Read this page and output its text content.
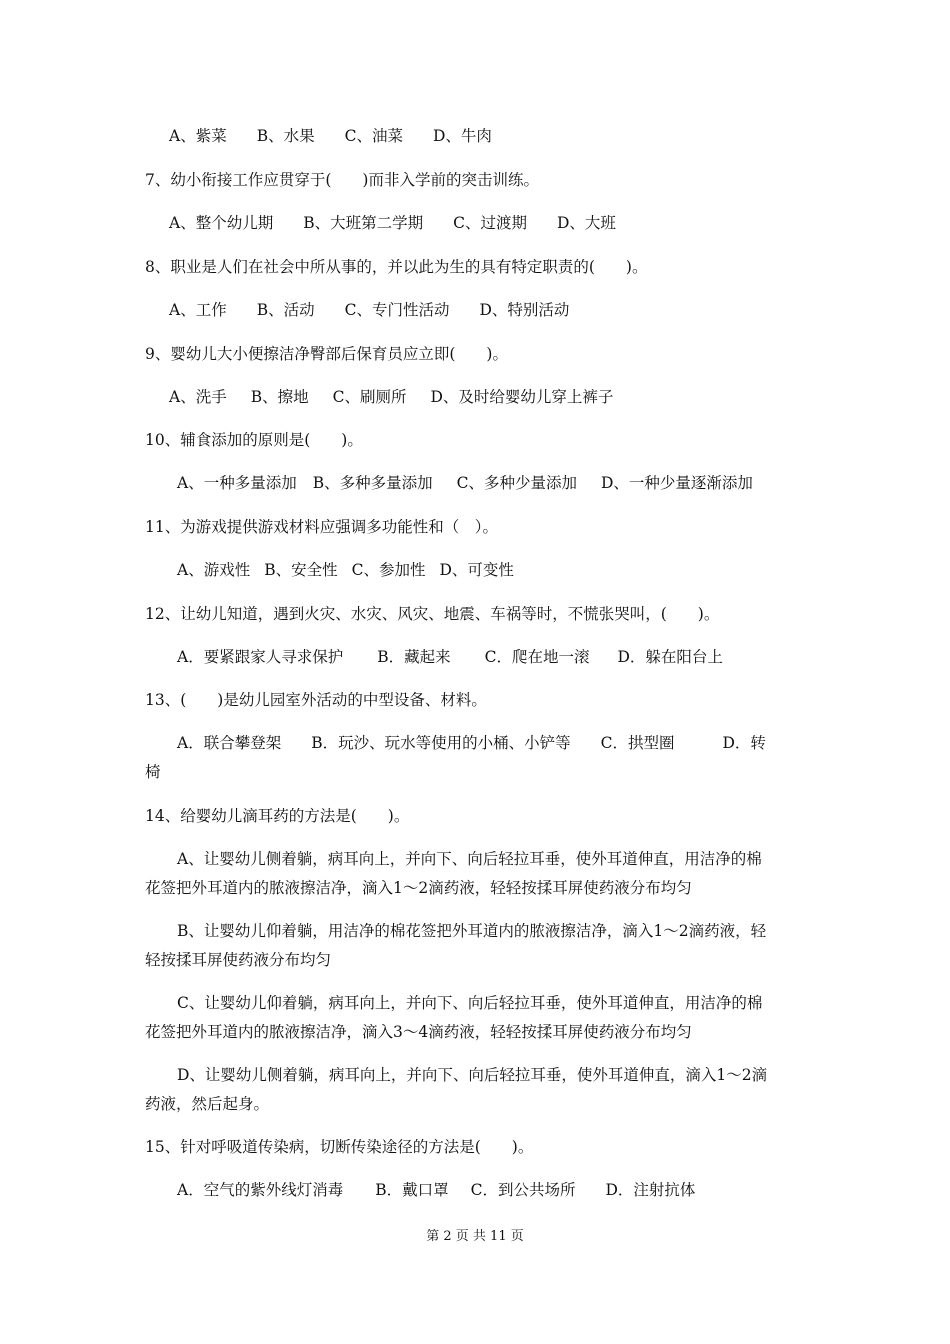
A、紫菜 B、水果 C、油菜 D、牛肉
7、幼小衔接工作应贯穿于(　　)而非入学前的突击训练。
A、整个幼儿期 B、大班第二学期 C、过渡期 D、大班
8、职业是人们在社会中所从事的，并以此为生的具有特定职责的(　　)。
A、工作 B、活动 C、专门性活动 D、特别活动
9、婴幼儿大小便擦洁净臀部后保育员应立即(　　)。
A、洗手 B、擦地 C、刷厕所 D、及时给婴幼儿穿上裤子
10、辅食添加的原则是(　　)。
A、一种多量添加 B、多种多量添加 C、多种少量添加 D、一种少量逐渐添加
11、为游戏提供游戏材料应强调多功能性和（　）。
A、游戏性 B、安全性 C、参加性 D、可变性
12、让幼儿知道，遇到火灾、水灾、风灾、地震、车祸等时，不慌张哭叫，(　　)。
A．要紧跟家人寻求保护 B．藏起来 C．爬在地一滚 D．躲在阳台上
13、(　　)是幼儿园室外活动的中型设备、材料。
A．联合攀登架 B．玩沙、玩水等使用的小桶、小铲等 C．拱型圈	D．转
椅
14、给婴幼儿滴耳药的方法是(　　)。
A、让婴幼儿侧着躺，病耳向上，并向下、向后轻拉耳垂，使外耳道伸直，用洁净的棉
花签把外耳道内的脓液擦洁净，滴入1～2滴药液，轻轻按揉耳屏使药液分布均匀
B、让婴幼儿仰着躺，用洁净的棉花签把外耳道内的脓液擦洁净，滴入1～2滴药液，轻
轻按揉耳屏使药液分布均匀
C、让婴幼儿仰着躺，病耳向上，并向下、向后轻拉耳垂，使外耳道伸直，用洁净的棉
花签把外耳道内的脓液擦洁净，滴入3～4滴药液，轻轻按揉耳屏使药液分布均匀
D、让婴幼儿侧着躺，病耳向上，并向下、向后轻拉耳垂，使外耳道伸直，滴入1～2滴
药液，然后起身。
15、针对呼吸道传染病，切断传染途径的方法是(　　)。
A．空气的紫外线灯消毒 B．戴口罩 C．到公共场所 D．注射抗体
第 2 页 共 11 页
